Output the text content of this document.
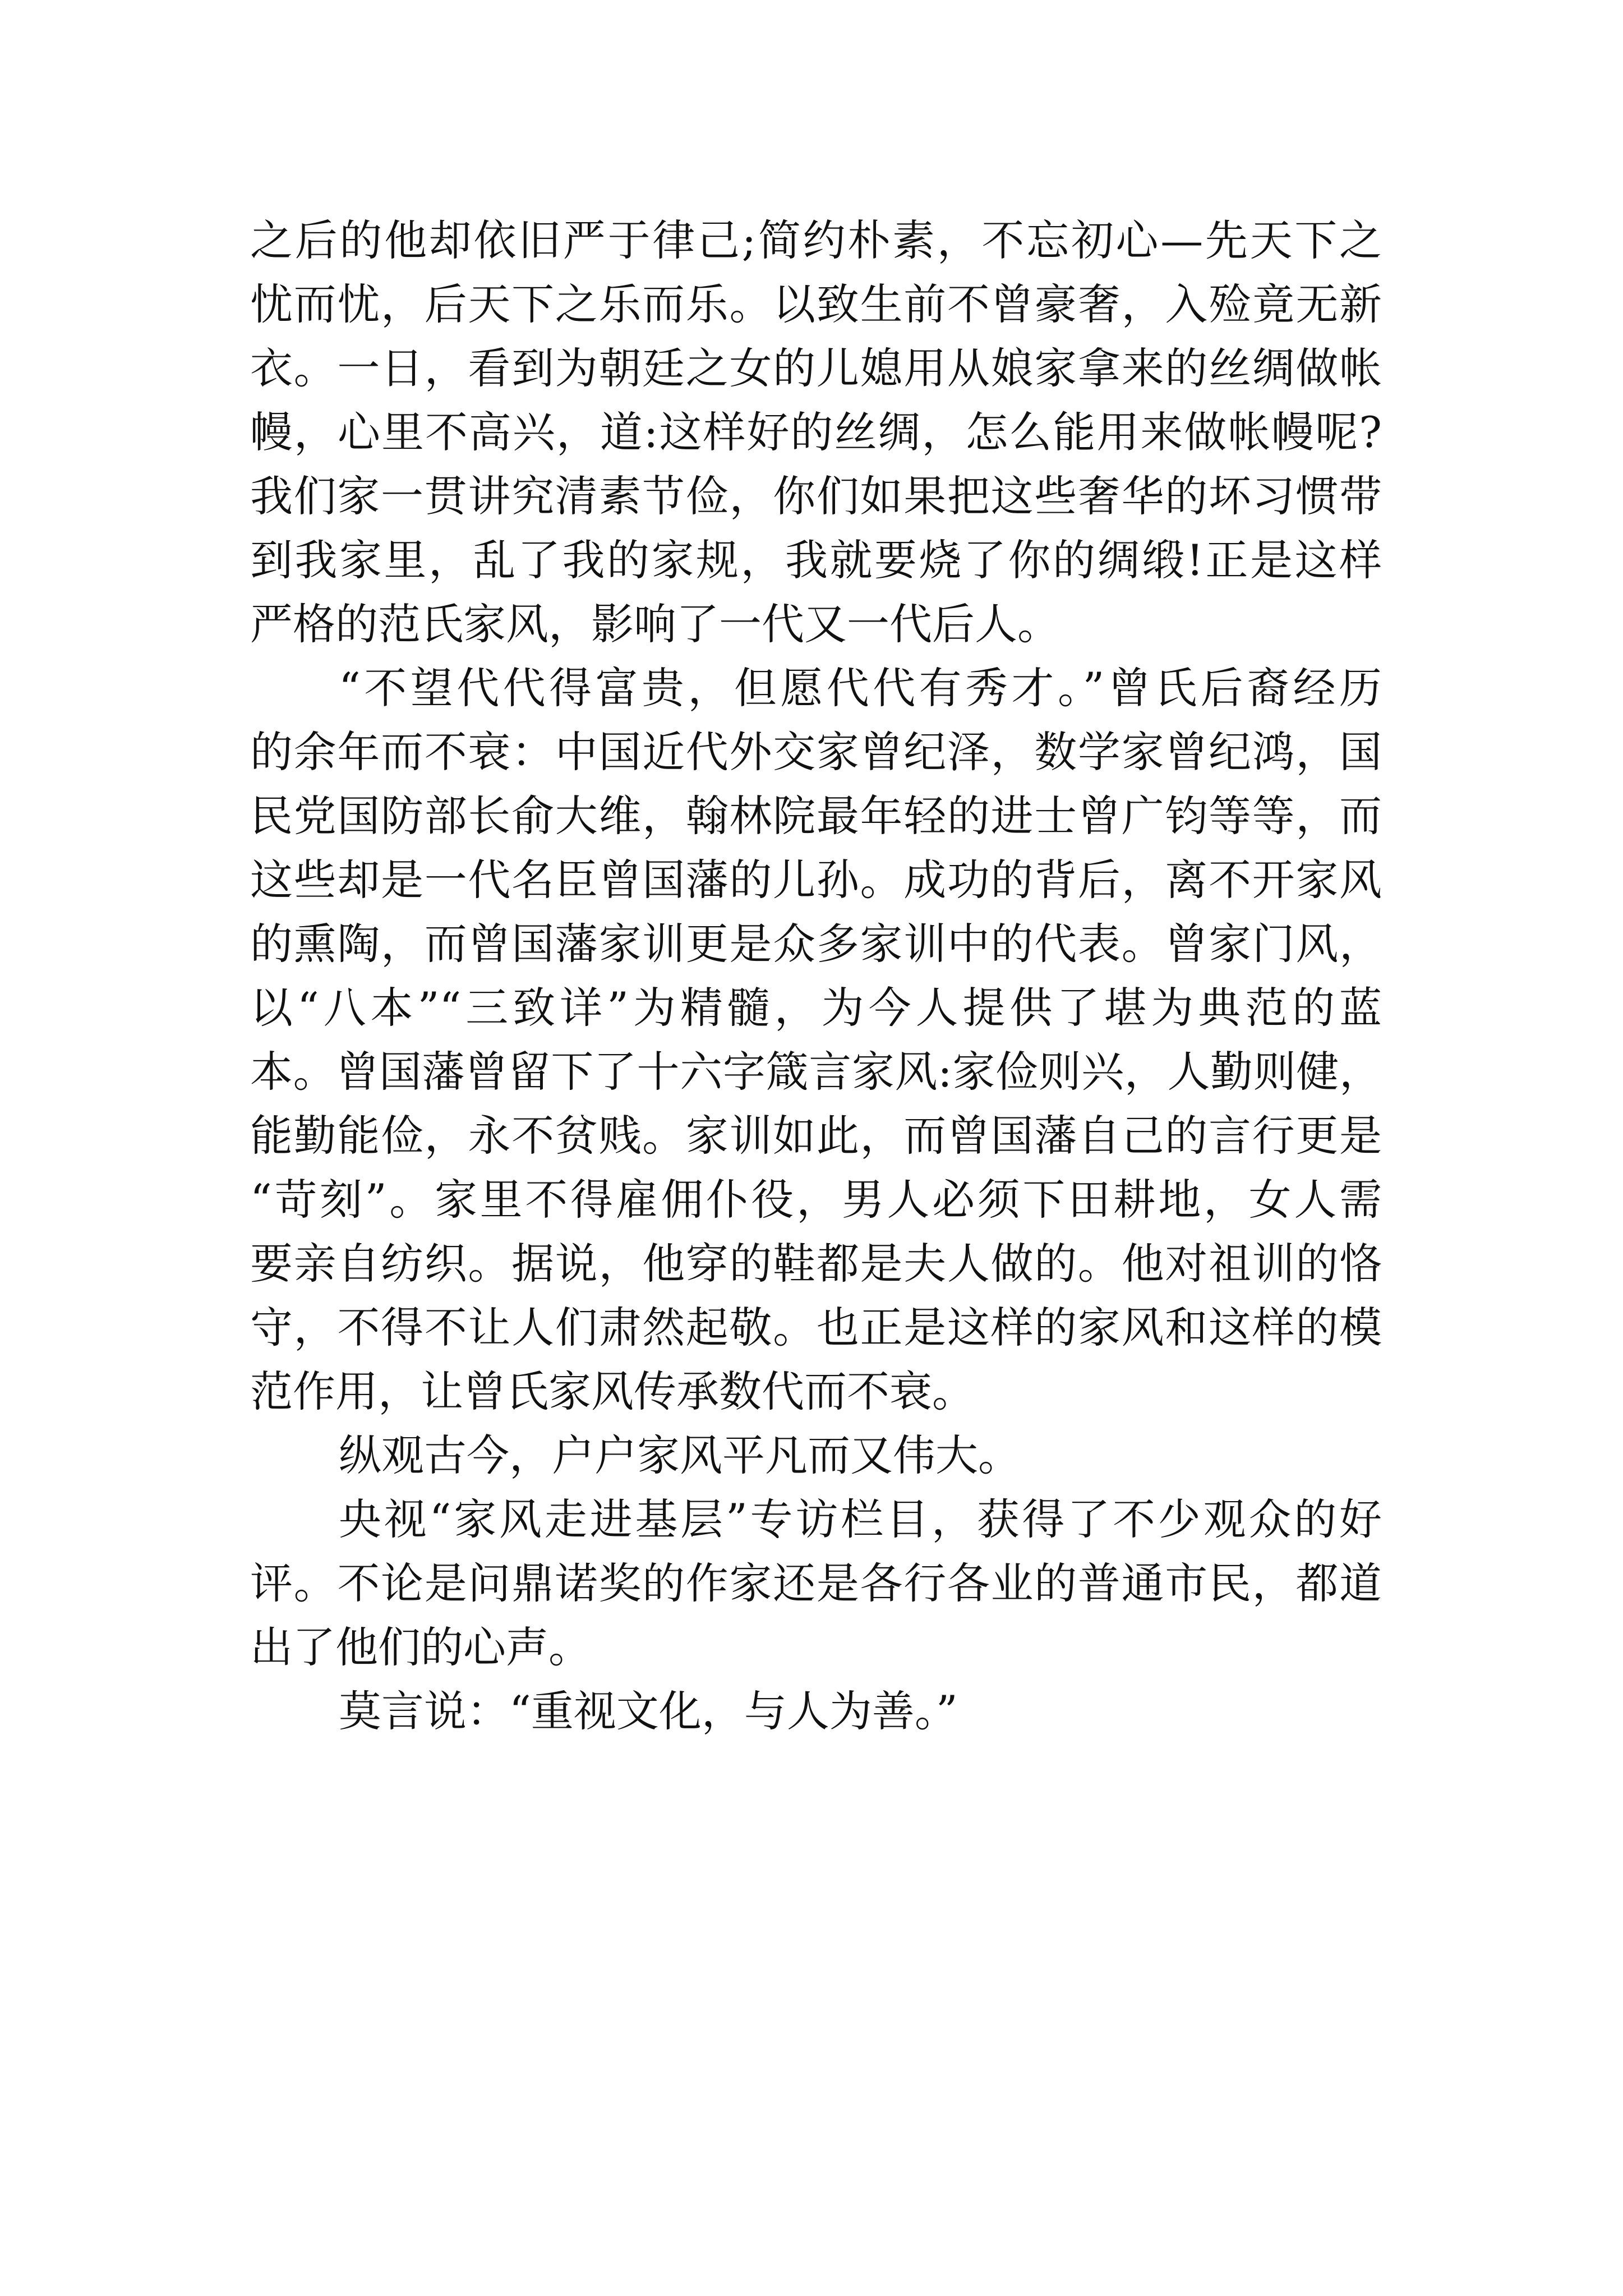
之后的他却依旧严于律己;简约朴素，不忘初心—先天下之
忧而忧，后天下之乐而乐。以致生前不曾豪奢，入殓竟无新
衣。一日，看到为朝廷之女的儿媳用从娘家拿来的丝绸做帐
幔，心里不高兴，道:这样好的丝绸，怎么能用来做帐幔呢?
我们家一贯讲究清素节俭，你们如果把这些奢华的坏习惯带
到我家里，乱了我的家规，我就要烧了你的绸缎!正是这样
严格的范氏家风，影响了一代又一代后人。
“不望代代得富贵，但愿代代有秀才。”曾氏后裔经历
的余年而不衰：中国近代外交家曾纪泽，数学家曾纪鸿，国
民党国防部长俞大维，翰林院最年轻的进士曾广钧等等，而
这些却是一代名臣曾国藩的儿孙。成功的背后，离不开家风
的熏陶，而曾国藩家训更是众多家训中的代表。曾家门风，
以“八本”“三致详”为精髓，为今人提供了堪为典范的蓝
本。曾国藩曾留下了十六字箴言家风:家俭则兴，人勤则健，
能勤能俭，永不贫贱。家训如此，而曾国藩自己的言行更是
“苛刻”。家里不得雇佣仆役，男人必须下田耕地，女人需
要亲自纺织。据说，他穿的鞋都是夫人做的。他对祖训的恪
守，不得不让人们肃然起敬。也正是这样的家风和这样的模
范作用，让曾氏家风传承数代而不衰。
纵观古今，户户家风平凡而又伟大。
央视“家风走进基层”专访栏目，获得了不少观众的好
评。不论是问鼎诺奖的作家还是各行各业的普通市民，都道
出了他们的心声。
莫言说：“重视文化，与人为善。”
